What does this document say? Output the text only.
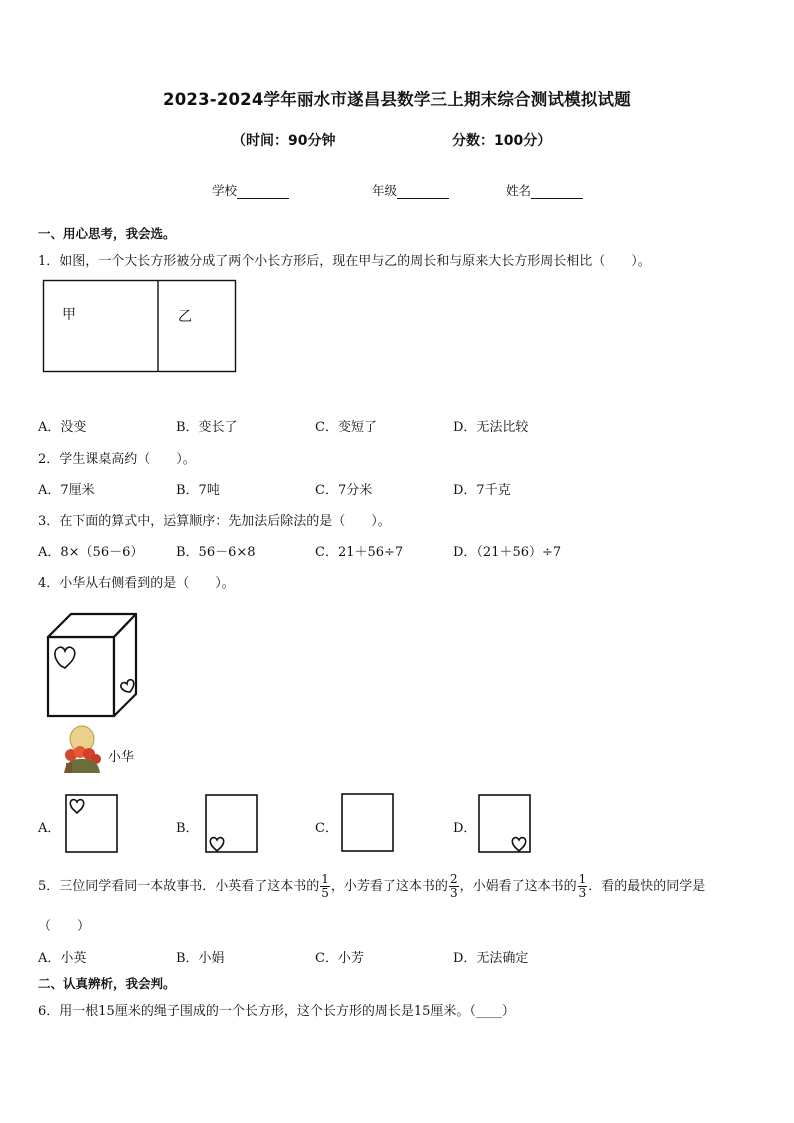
2023-2024学年丽水市遂昌县数学三上期末综合测试模拟试题
（时间：90分钟	分数：100分）
学校	年级	姓名
一、用心思考，我会选。
1．如图，一个大长方形被分成了两个小长方形后，现在甲与乙的周长和与原来大长方形周长相比（　　）。
甲	乙
A．没变	B．变长了	C．变短了	D．无法比较
2．学生课桌高约（　　）。
A．7厘米	B．7吨	C．7分米	D．7千克
3．在下面的算式中，运算顺序：先加法后除法的是（　　）。
A．8×（56－6）	B．56－6×8	C．21＋56÷7	D．（21＋56）÷7
4．小华从右侧看到的是（　　）。
小华
A．	B．	C．	D．
5．三位同学看同一本故事书．小英看了这本书的 $\frac{1}{5}$ ，小芳看了这本书的 $\frac{2}{3}$ ，小娟看了这本书的 $\frac{1}{3}$ ．看的最快的同学是
（　　）
A．小英	B．小娟	C．小芳	D．无法确定
二、认真辨析，我会判。
6．用一根15厘米的绳子围成的一个长方形，这个长方形的周长是15厘米。（____）
